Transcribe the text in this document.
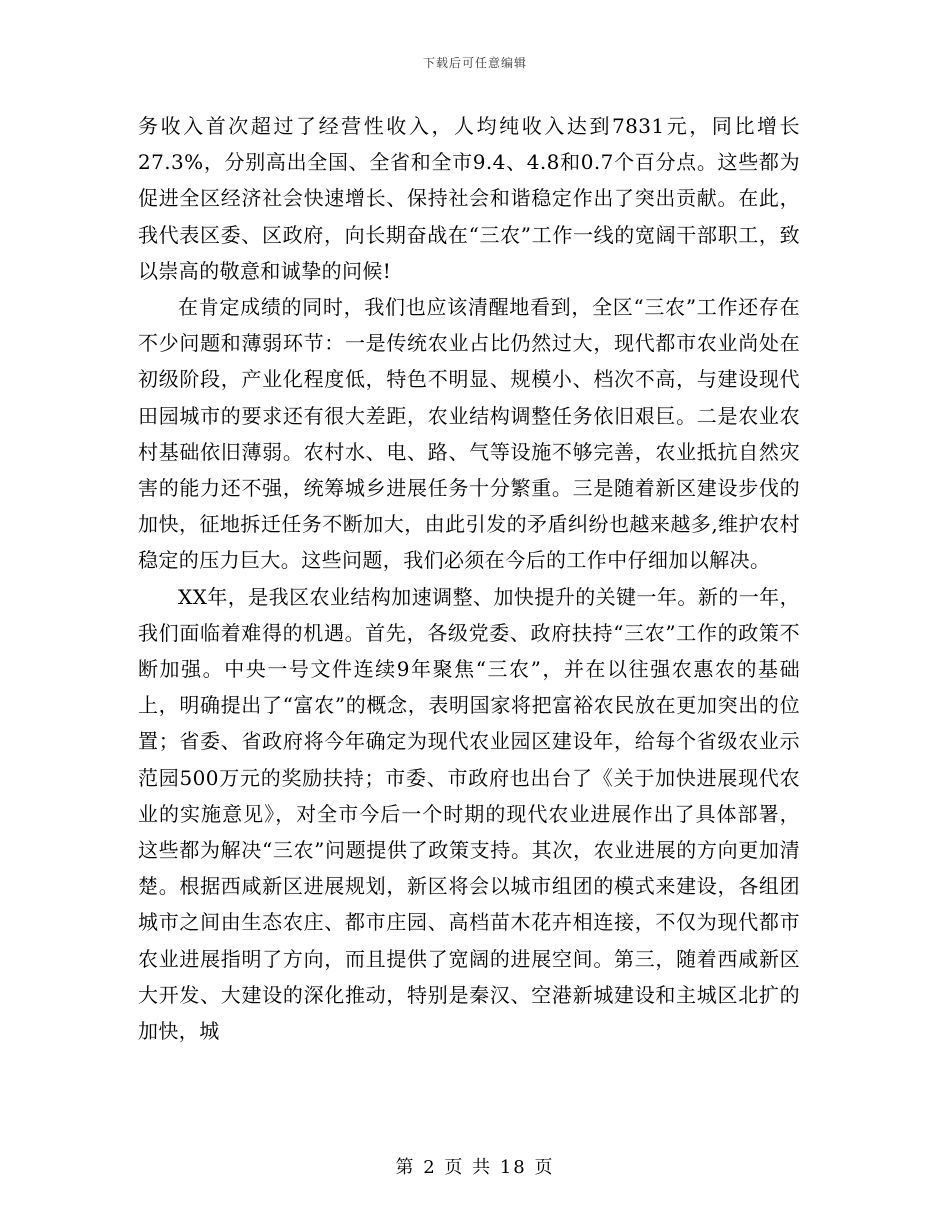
下载后可任意编辑

务收入首次超过了经营性收入，人均纯收入达到7831元，同比增长27.3%，分别高出全国、全省和全市9.4、4.8和0.7个百分点。这些都为促进全区经济社会快速增长、保持社会和谐稳定作出了突出贡献。在此，我代表区委、区政府，向长期奋战在“三农”工作一线的宽阔干部职工，致以崇高的敬意和诚挚的问候!

在肯定成绩的同时，我们也应该清醒地看到，全区“三农”工作还存在不少问题和薄弱环节：一是传统农业占比仍然过大，现代都市农业尚处在初级阶段，产业化程度低，特色不明显、规模小、档次不高，与建设现代田园城市的要求还有很大差距，农业结构调整任务依旧艰巨。二是农业农村基础依旧薄弱。农村水、电、路、气等设施不够完善，农业抵抗自然灾害的能力还不强，统筹城乡进展任务十分繁重。三是随着新区建设步伐的加快，征地拆迁任务不断加大，由此引发的矛盾纠纷也越来越多,维护农村稳定的压力巨大。这些问题，我们必须在今后的工作中仔细加以解决。

XX年，是我区农业结构加速调整、加快提升的关键一年。新的一年，我们面临着难得的机遇。首先，各级党委、政府扶持“三农”工作的政策不断加强。中央一号文件连续9年聚焦“三农”，并在以往强农惠农的基础上，明确提出了“富农”的概念，表明国家将把富裕农民放在更加突出的位置；省委、省政府将今年确定为现代农业园区建设年，给每个省级农业示范园500万元的奖励扶持；市委、市政府也出台了《关于加快进展现代农业的实施意见》，对全市今后一个时期的现代农业进展作出了具体部署，这些都为解决“三农”问题提供了政策支持。其次，农业进展的方向更加清楚。根据西咸新区进展规划，新区将会以城市组团的模式来建设，各组团城市之间由生态农庄、都市庄园、高档苗木花卉相连接，不仅为现代都市农业进展指明了方向，而且提供了宽阔的进展空间。第三，随着西咸新区大开发、大建设的深化推动，特别是秦汉、空港新城建设和主城区北扩的加快，城

第 2 页 共 18 页
